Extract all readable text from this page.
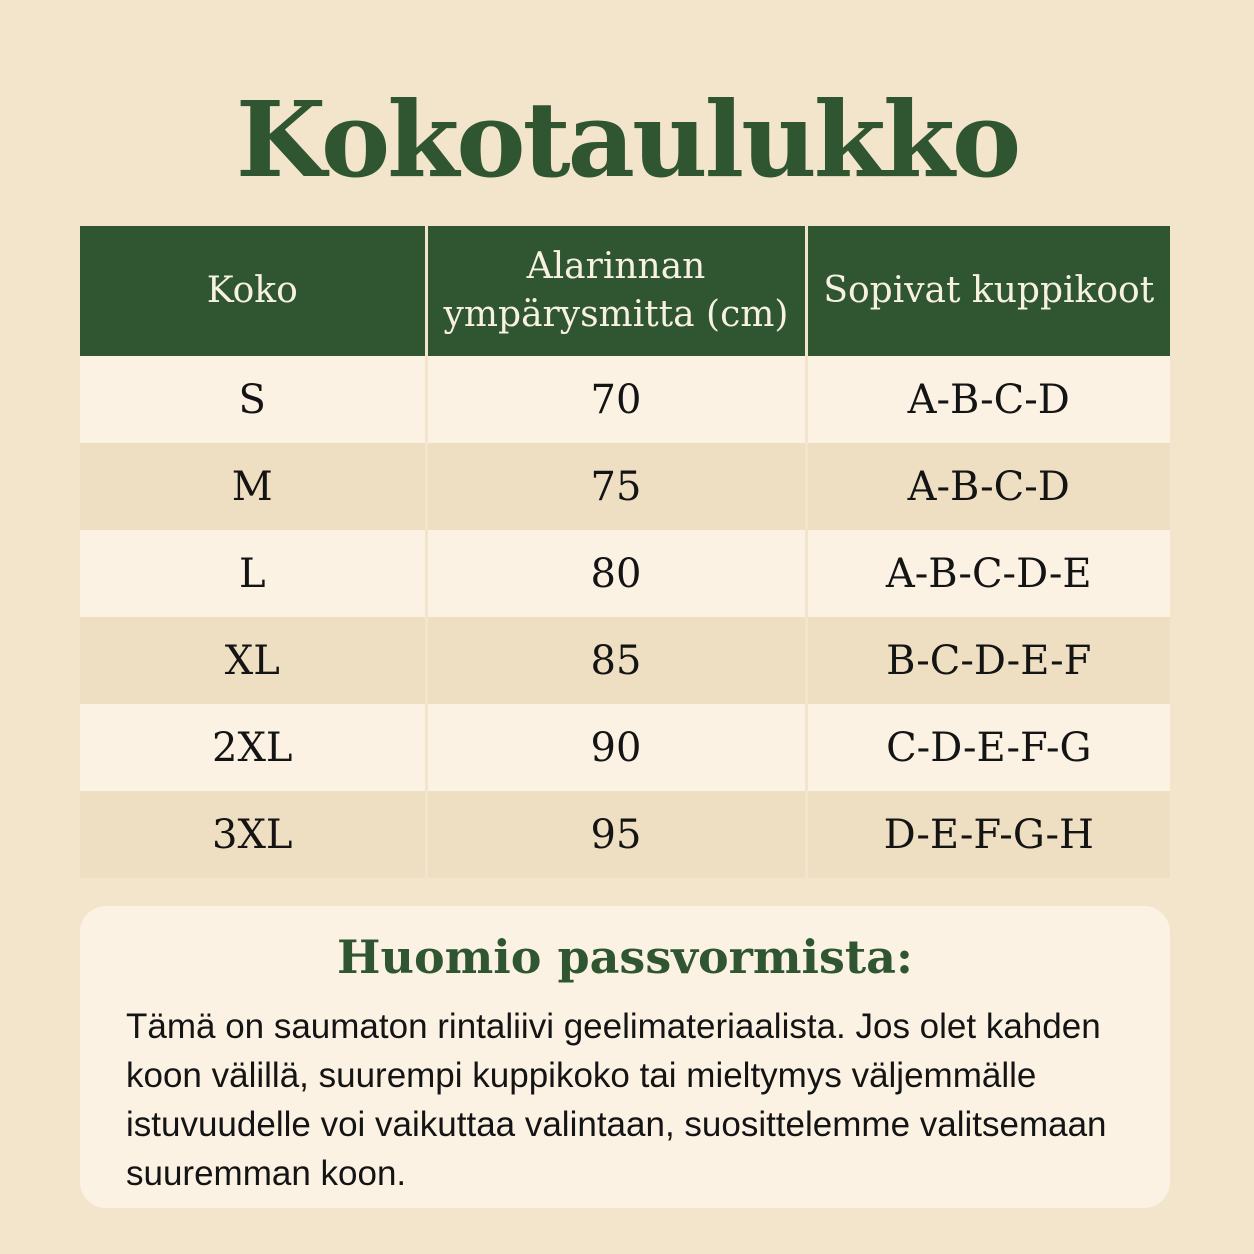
Kokotaulukko
Koko	Alarinnan ympärysmitta (cm)	Sopivat kuppikoot
S	70	A-B-C-D
M	75	A-B-C-D
L	80	A-B-C-D-E
XL	85	B-C-D-E-F
2XL	90	C-D-E-F-G
3XL	95	D-E-F-G-H
Huomio passvormista:

Tämä on saumaton rintaliivi geelimateriaalista. Jos olet kahden koon välillä, suurempi kuppikoko tai mieltymys väljemmälle istuvuudelle voi vaikuttaa valintaan, suosittelemme valitsemaan suuremman koon.
